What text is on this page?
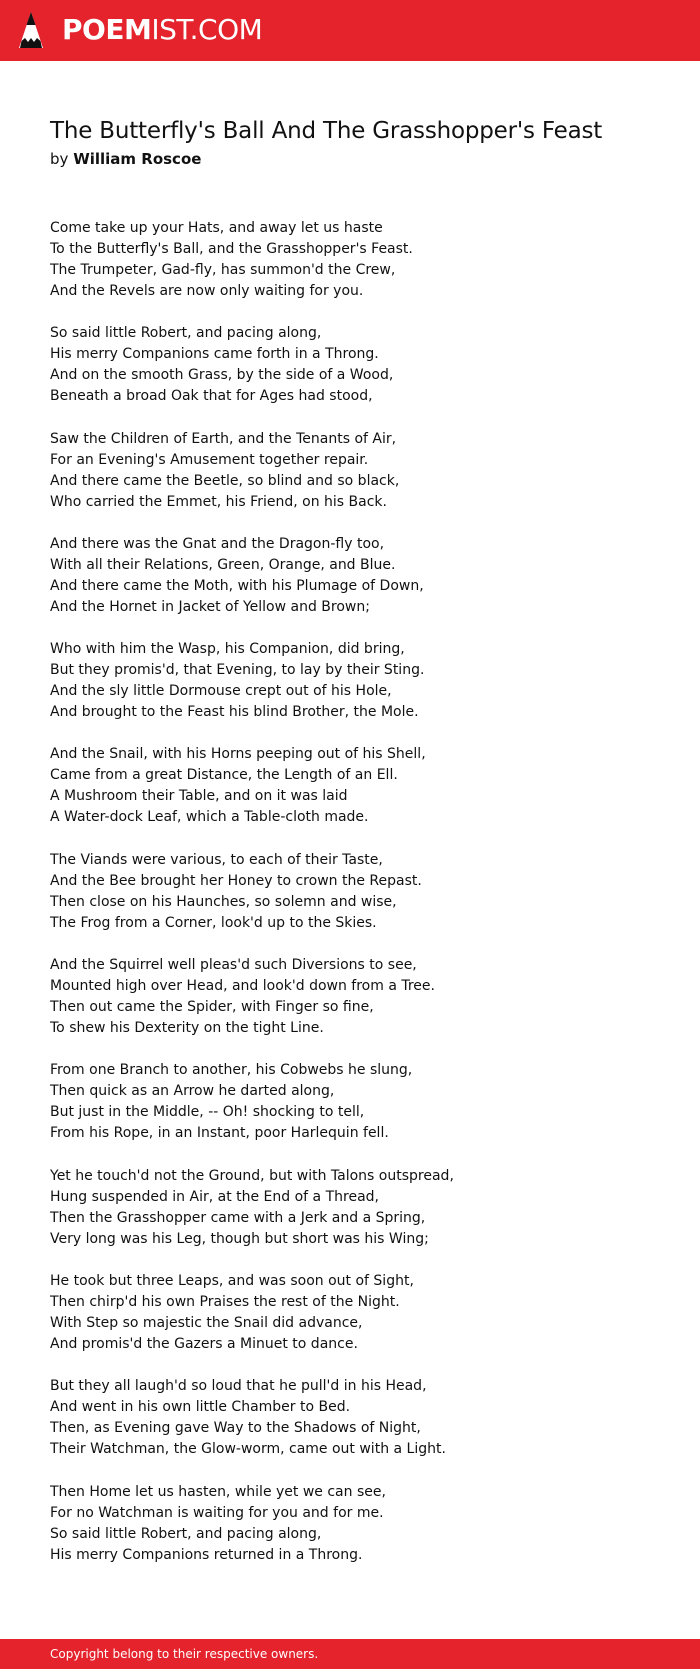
POEMIST.COM
The Butterfly's Ball And The Grasshopper's Feast
by William Roscoe
Come take up your Hats, and away let us haste
To the Butterfly's Ball, and the Grasshopper's Feast.
The Trumpeter, Gad-fly, has summon'd the Crew,
And the Revels are now only waiting for you.
So said little Robert, and pacing along,
His merry Companions came forth in a Throng.
And on the smooth Grass, by the side of a Wood,
Beneath a broad Oak that for Ages had stood,
Saw the Children of Earth, and the Tenants of Air,
For an Evening's Amusement together repair.
And there came the Beetle, so blind and so black,
Who carried the Emmet, his Friend, on his Back.
And there was the Gnat and the Dragon-fly too,
With all their Relations, Green, Orange, and Blue.
And there came the Moth, with his Plumage of Down,
And the Hornet in Jacket of Yellow and Brown;
Who with him the Wasp, his Companion, did bring,
But they promis'd, that Evening, to lay by their Sting.
And the sly little Dormouse crept out of his Hole,
And brought to the Feast his blind Brother, the Mole.
And the Snail, with his Horns peeping out of his Shell,
Came from a great Distance, the Length of an Ell.
A Mushroom their Table, and on it was laid
A Water-dock Leaf, which a Table-cloth made.
The Viands were various, to each of their Taste,
And the Bee brought her Honey to crown the Repast.
Then close on his Haunches, so solemn and wise,
The Frog from a Corner, look'd up to the Skies.
And the Squirrel well pleas'd such Diversions to see,
Mounted high over Head, and look'd down from a Tree.
Then out came the Spider, with Finger so fine,
To shew his Dexterity on the tight Line.
From one Branch to another, his Cobwebs he slung,
Then quick as an Arrow he darted along,
But just in the Middle, -- Oh! shocking to tell,
From his Rope, in an Instant, poor Harlequin fell.
Yet he touch'd not the Ground, but with Talons outspread,
Hung suspended in Air, at the End of a Thread,
Then the Grasshopper came with a Jerk and a Spring,
Very long was his Leg, though but short was his Wing;
He took but three Leaps, and was soon out of Sight,
Then chirp'd his own Praises the rest of the Night.
With Step so majestic the Snail did advance,
And promis'd the Gazers a Minuet to dance.
But they all laugh'd so loud that he pull'd in his Head,
And went in his own little Chamber to Bed.
Then, as Evening gave Way to the Shadows of Night,
Their Watchman, the Glow-worm, came out with a Light.
Then Home let us hasten, while yet we can see,
For no Watchman is waiting for you and for me.
So said little Robert, and pacing along,
His merry Companions returned in a Throng.
Copyright belong to their respective owners.
